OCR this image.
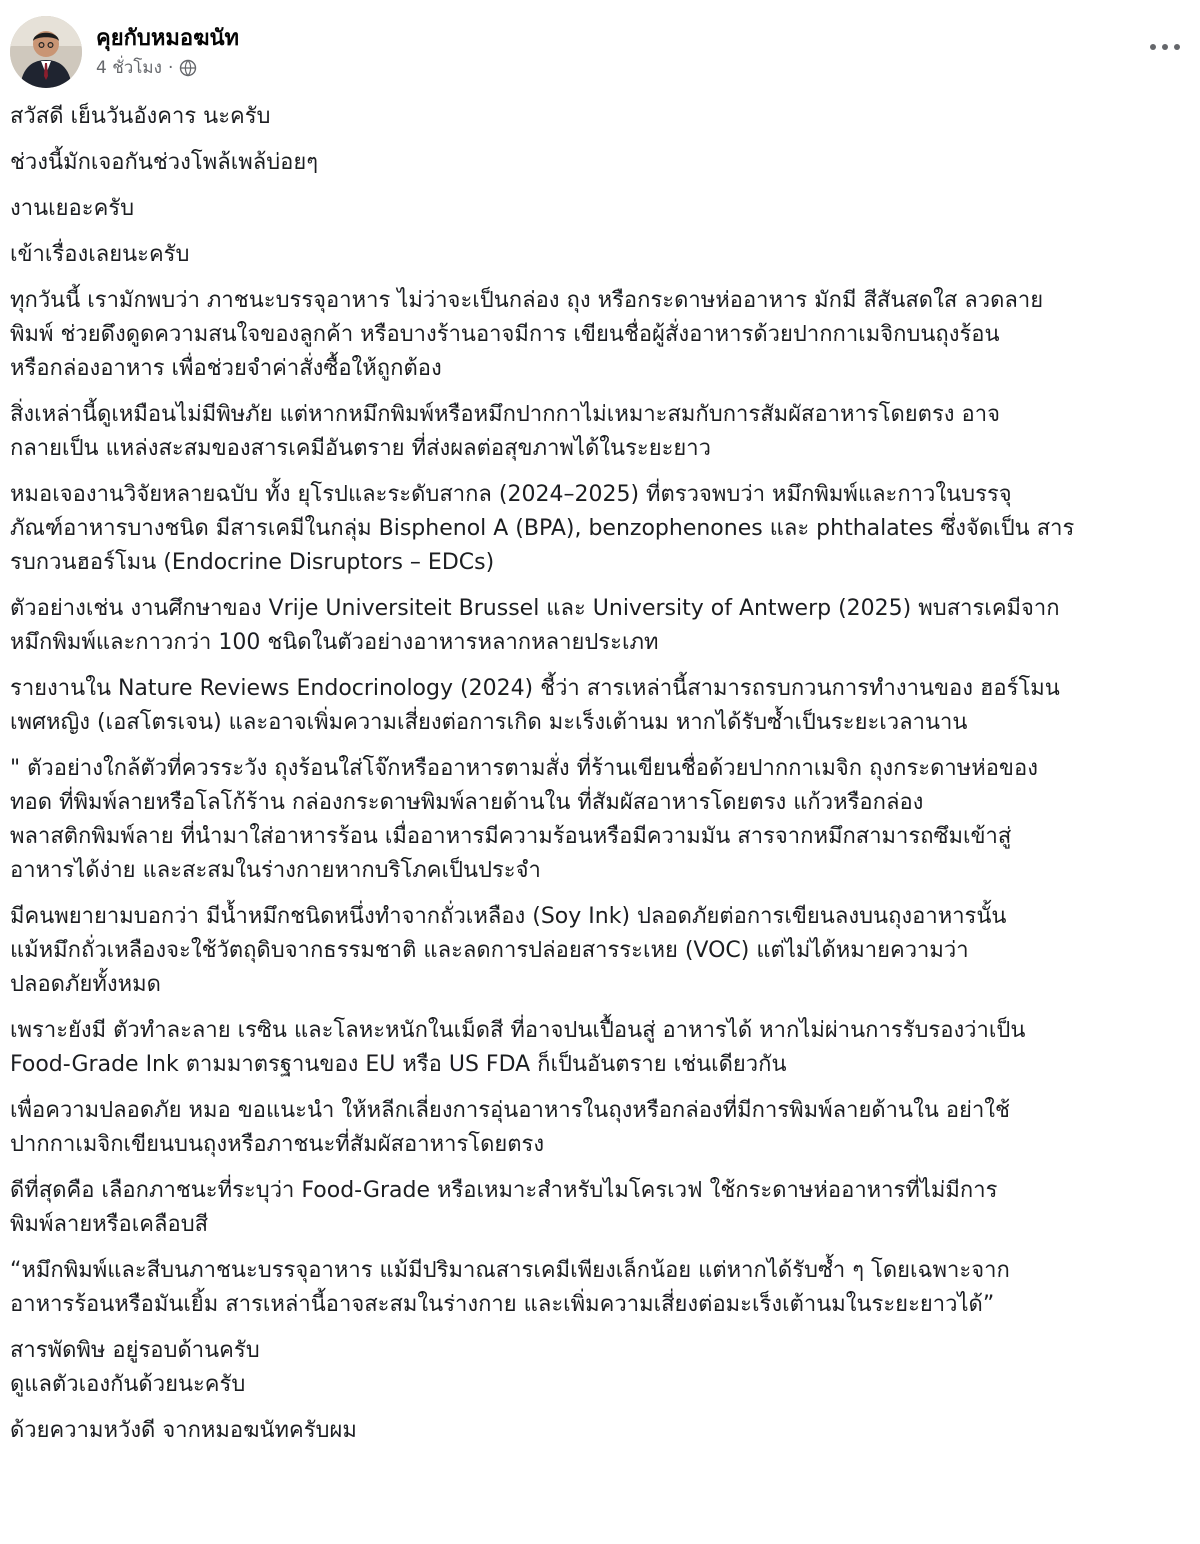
คุยกับหมอฆนัท
4 ชั่วโมง ·

สวัสดี เย็นวันอังคาร นะครับ

ช่วงนี้มักเจอกันช่วงโพล้เพล้บ่อยๆ

งานเยอะครับ

เข้าเรื่องเลยนะครับ

ทุกวันนี้ เรามักพบว่า ภาชนะบรรจุอาหาร ไม่ว่าจะเป็นกล่อง ถุง หรือกระดาษห่ออาหาร มักมี สีสันสดใส ลวดลาย
พิมพ์ ช่วยดึงดูดความสนใจของลูกค้า หรือบางร้านอาจมีการ เขียนชื่อผู้สั่งอาหารด้วยปากกาเมจิกบนถุงร้อน
หรือกล่องอาหาร เพื่อช่วยจำค่าสั่งซื้อให้ถูกต้อง

สิ่งเหล่านี้ดูเหมือนไม่มีพิษภัย แต่หากหมึกพิมพ์หรือหมึกปากกาไม่เหมาะสมกับการสัมผัสอาหารโดยตรง อาจ
กลายเป็น แหล่งสะสมของสารเคมีอันตราย ที่ส่งผลต่อสุขภาพได้ในระยะยาว

หมอเจองานวิจัยหลายฉบับ ทั้ง ยุโรปและระดับสากล (2024–2025) ที่ตรวจพบว่า หมึกพิมพ์และกาวในบรรจุ
ภัณฑ์อาหารบางชนิด มีสารเคมีในกลุ่ม Bisphenol A (BPA), benzophenones และ phthalates ซึ่งจัดเป็น สาร
รบกวนฮอร์โมน (Endocrine Disruptors – EDCs)

ตัวอย่างเช่น งานศึกษาของ Vrije Universiteit Brussel และ University of Antwerp (2025) พบสารเคมีจาก
หมึกพิมพ์และกาวกว่า 100 ชนิดในตัวอย่างอาหารหลากหลายประเภท

รายงานใน Nature Reviews Endocrinology (2024) ชี้ว่า สารเหล่านี้สามารถรบกวนการทำงานของ ฮอร์โมน
เพศหญิง (เอสโตรเจน) และอาจเพิ่มความเสี่ยงต่อการเกิด มะเร็งเต้านม หากได้รับซ้ำเป็นระยะเวลานาน

" ตัวอย่างใกล้ตัวที่ควรระวัง ถุงร้อนใส่โจ๊กหรืออาหารตามสั่ง ที่ร้านเขียนชื่อด้วยปากกาเมจิก ถุงกระดาษห่อของ
ทอด ที่พิมพ์ลายหรือโลโก้ร้าน กล่องกระดาษพิมพ์ลายด้านใน ที่สัมผัสอาหารโดยตรง แก้วหรือกล่อง
พลาสติกพิมพ์ลาย ที่นำมาใส่อาหารร้อน เมื่ออาหารมีความร้อนหรือมีความมัน สารจากหมึกสามารถซึมเข้าสู่
อาหารได้ง่าย และสะสมในร่างกายหากบริโภคเป็นประจำ

มีคนพยายามบอกว่า มีน้ำหมึกชนิดหนึ่งทำจากถั่วเหลือง (Soy Ink) ปลอดภัยต่อการเขียนลงบนถุงอาหารนั้น
แม้หมึกถั่วเหลืองจะใช้วัตถุดิบจากธรรมชาติ และลดการปล่อยสารระเหย (VOC) แต่ไม่ได้หมายความว่า
ปลอดภัยทั้งหมด

เพราะยังมี ตัวทำละลาย เรซิน และโลหะหนักในเม็ดสี ที่อาจปนเปื้อนสู่ อาหารได้ หากไม่ผ่านการรับรองว่าเป็น
Food-Grade Ink ตามมาตรฐานของ EU หรือ US FDA ก็เป็นอันตราย เช่นเดียวกัน

เพื่อความปลอดภัย หมอ ขอแนะนำ ให้หลีกเลี่ยงการอุ่นอาหารในถุงหรือกล่องที่มีการพิมพ์ลายด้านใน อย่าใช้
ปากกาเมจิกเขียนบนถุงหรือภาชนะที่สัมผัสอาหารโดยตรง

ดีที่สุดคือ เลือกภาชนะที่ระบุว่า Food-Grade หรือเหมาะสำหรับไมโครเวฟ ใช้กระดาษห่ออาหารที่ไม่มีการ
พิมพ์ลายหรือเคลือบสี

“หมึกพิมพ์และสีบนภาชนะบรรจุอาหาร แม้มีปริมาณสารเคมีเพียงเล็กน้อย แต่หากได้รับซ้ำ ๆ โดยเฉพาะจาก
อาหารร้อนหรือมันเยิ้ม สารเหล่านี้อาจสะสมในร่างกาย และเพิ่มความเสี่ยงต่อมะเร็งเต้านมในระยะยาวได้”

สารพัดพิษ อยู่รอบด้านครับ
ดูแลตัวเองกันด้วยนะครับ

ด้วยความหวังดี จากหมอฆนัทครับผม
